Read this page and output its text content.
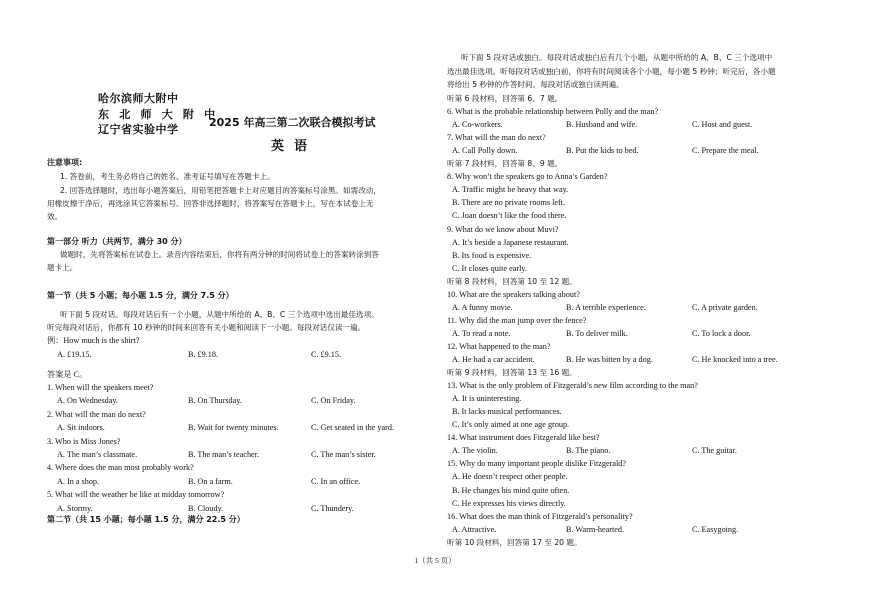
哈尔滨师大附中
东 北 师 大 附 中
辽宁省实验中学
2025 年高三第二次联合模拟考试
英语
注意事项:
1. 答卷前，考生务必将自己的姓名、准考证号填写在答题卡上。
2. 回答选择题时，选出每小题答案后，用铅笔把答题卡上对应题目的答案标号涂黑。如需改动，
用橡皮擦干净后，再选涂其它答案标号。回答非选择题时，将答案写在答题卡上，写在本试卷上无
效。
第一部分 听力（共两节，满分 30 分）
做题时，先将答案标在试卷上。录音内容结束后，你将有两分钟的时间将试卷上的答案转涂到答
题卡上。
第一节（共 5 小题；每小题 1.5 分，满分 7.5 分）
听下面 5 段对话。每段对话后有一个小题，从题中所给的 A、B、C 三个选项中选出最佳选项。
听完每段对话后，你都有 10 秒钟的时间来回答有关小题和阅读下一小题。每段对话仅读一遍。
例：How much is the shirt?
A. £19.15.	B. £9.18.	C. £9.15.
答案是 C。
1. When will the speakers meet?
A. On Wednesday.	B. On Thursday.	C. On Friday.
2. What will the man do next?
A. Sit indoors.	B. Wait for twenty minutes.	C. Get seated in the yard.
3. Who is Miss Jones?
A. The man’s classmate.	B. The man’s teacher.	C. The man’s sister.
4. Where does the man most probably work?
A. In a shop.	B. On a farm.	C. In an office.
5. What will the weather be like at midday tomorrow?
A. Stormy.	B. Cloudy.	C. Thundery.
第二节（共 15 小题；每小题 1.5 分，满分 22.5 分）
听下面 5 段对话或独白。每段对话或独白后有几个小题，从题中所给的 A、B、C 三个选项中
选出最佳选项。听每段对话或独白前，你将有时间阅读各个小题，每小题 5 秒钟；听完后，各小题
将给出 5 秒钟的作答时间。每段对话或独白读两遍。
听第 6 段材料，回答第 6、7 题。
6. What is the probable relationship between Polly and the man?
A. Co-workers.	B. Husband and wife.	C. Host and guest.
7. What will the man do next?
A. Call Polly down.	B. Put the kids to bed.	C. Prepare the meal.
听第 7 段材料，回答第 8、9 题。
8. Why won’t the speakers go to Anna’s Garden?
A. Traffic might be heavy that way.
B. There are no private rooms left.
C. Joan doesn’t like the food there.
9. What do we know about Muvi?
A. It’s beside a Japanese restaurant.
B. Its food is expensive.
C. It closes quite early.
听第 8 段材料，回答第 10 至 12 题。
10. What are the speakers talking about?
A. A funny movie.	B. A terrible experience.	C. A private garden.
11. Why did the man jump over the fence?
A. To read a note.	B. To deliver milk.	C. To lock a door.
12. What happened to the man?
A. He had a car accident.	B. He was bitten by a dog.	C. He knocked into a tree.
听第 9 段材料，回答第 13 至 16 题。
13. What is the only problem of Fitzgerald’s new film according to the man?
A. It is uninteresting.
B. It lacks musical performances.
C. It’s only aimed at one age group.
14. What instrument does Fitzgerald like best?
A. The violin.	B. The piano.	C. The guitar.
15. Why do many important people dislike Fitzgerald?
A. He doesn’t respect other people.
B. He changes his mind quite often.
C. He expresses his views directly.
16. What does the man think of Fitzgerald’s personality?
A. Attractive.	B. Warm-hearted.	C. Easygoing.
听第 10 段材料，回答第 17 至 20 题。
1（共 5 页）
